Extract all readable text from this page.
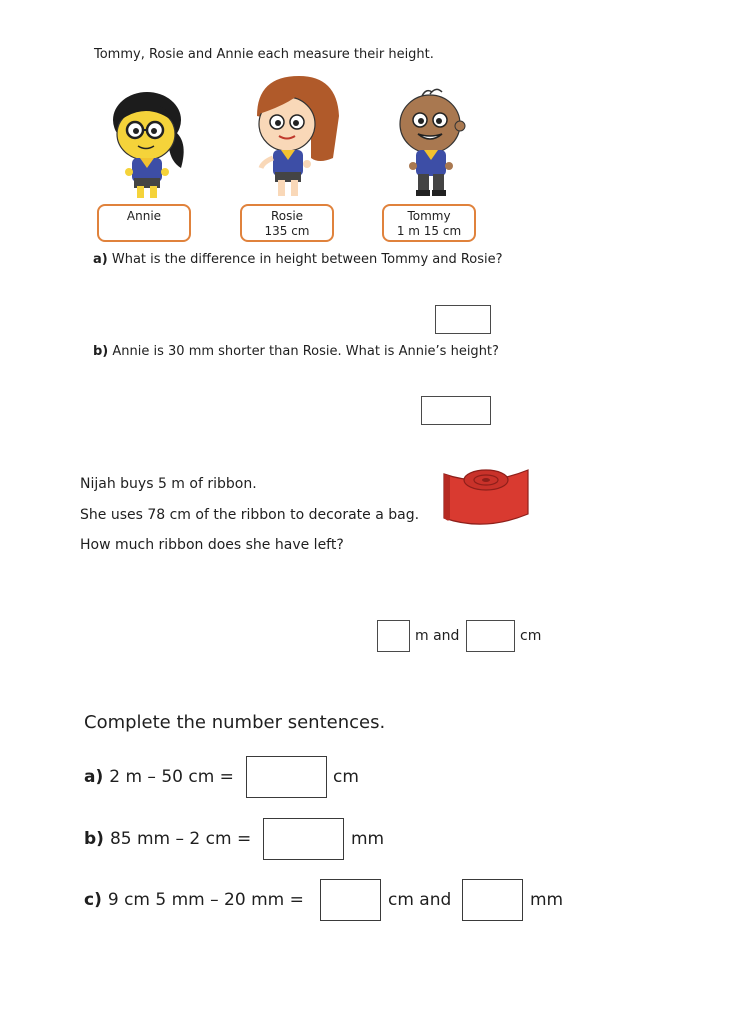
Tommy, Rosie and Annie each measure their height.
Annie	Rosie
135 cm
Tommy
1 m 15 cm
a) What is the difference in height between Tommy and Rosie?
b) Annie is 30 mm shorter than Rosie. What is Annie’s height?
Nijah buys 5 m of ribbon.
She uses 78 cm of the ribbon to decorate a bag.
How much ribbon does she have left?
m and	cm
Complete the number sentences.
a) 2 m – 50 cm =	cm
b) 85 mm – 2 cm =	mm
c) 9 cm 5 mm – 20 mm =	cm and	mm
